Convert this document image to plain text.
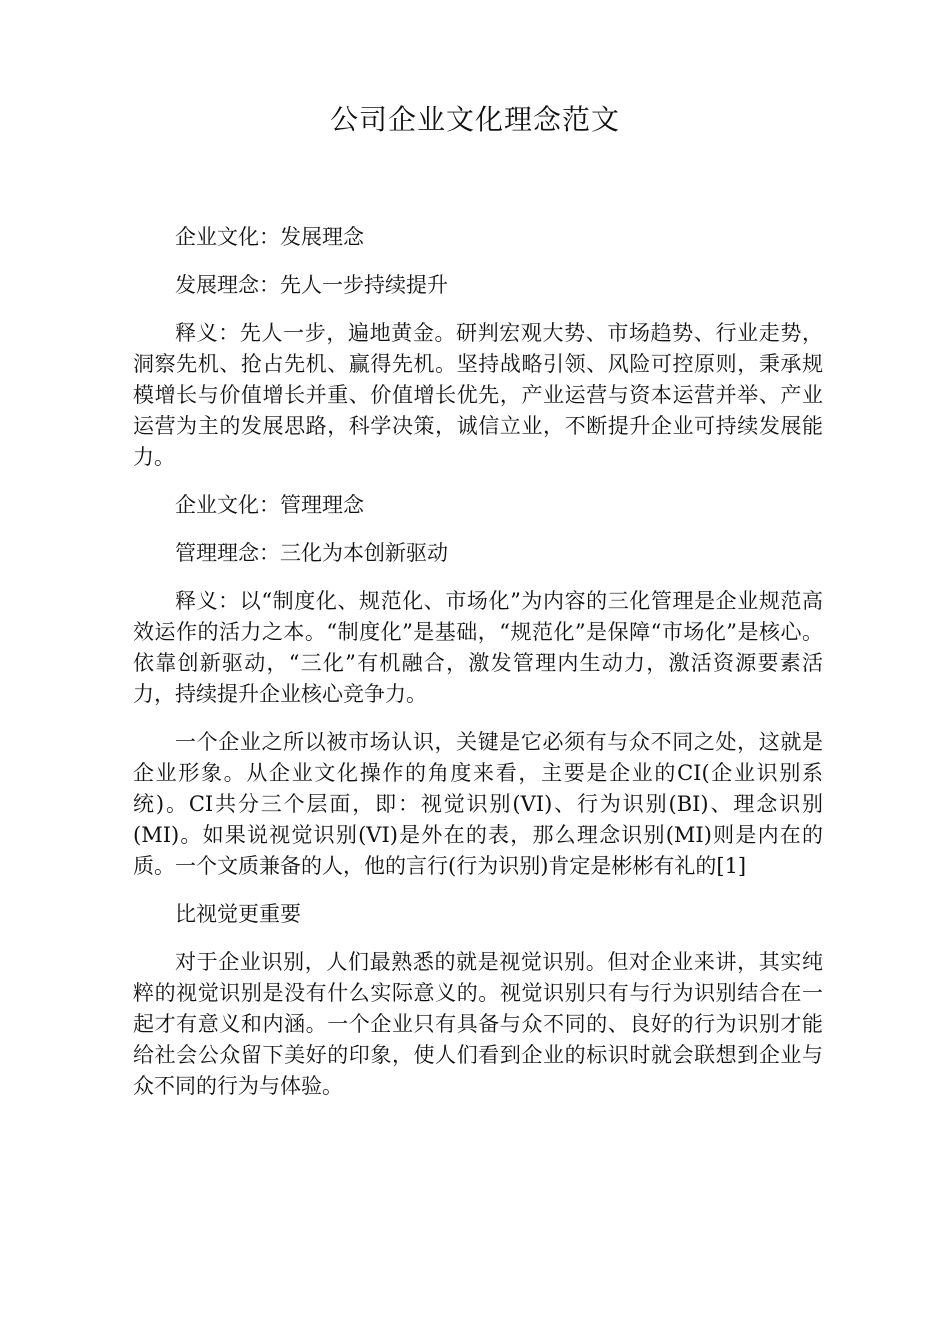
公司企业文化理念范文

企业文化：发展理念

发展理念：先人一步持续提升

释义：先人一步，遍地黄金。研判宏观大势、市场趋势、行业走势，洞察先机、抢占先机、赢得先机。坚持战略引领、风险可控原则，秉承规模增长与价值增长并重、价值增长优先，产业运营与资本运营并举、产业运营为主的发展思路，科学决策，诚信立业，不断提升企业可持续发展能力。

企业文化：管理理念

管理理念：三化为本创新驱动

释义：以“制度化、规范化、市场化”为内容的三化管理是企业规范高效运作的活力之本。“制度化”是基础，“规范化”是保障“市场化”是核心。依靠创新驱动，“三化”有机融合，激发管理内生动力，激活资源要素活力，持续提升企业核心竞争力。

一个企业之所以被市场认识，关键是它必须有与众不同之处，这就是企业形象。从企业文化操作的角度来看，主要是企业的CI(企业识别系统)。CI共分三个层面，即：视觉识别(VI)、行为识别(BI)、理念识别(MI)。如果说视觉识别(VI)是外在的表，那么理念识别(MI)则是内在的质。一个文质兼备的人，他的言行(行为识别)肯定是彬彬有礼的[1]

比视觉更重要

对于企业识别，人们最熟悉的就是视觉识别。但对企业来讲，其实纯粹的视觉识别是没有什么实际意义的。视觉识别只有与行为识别结合在一起才有意义和内涵。一个企业只有具备与众不同的、良好的行为识别才能给社会公众留下美好的印象，使人们看到企业的标识时就会联想到企业与众不同的行为与体验。
